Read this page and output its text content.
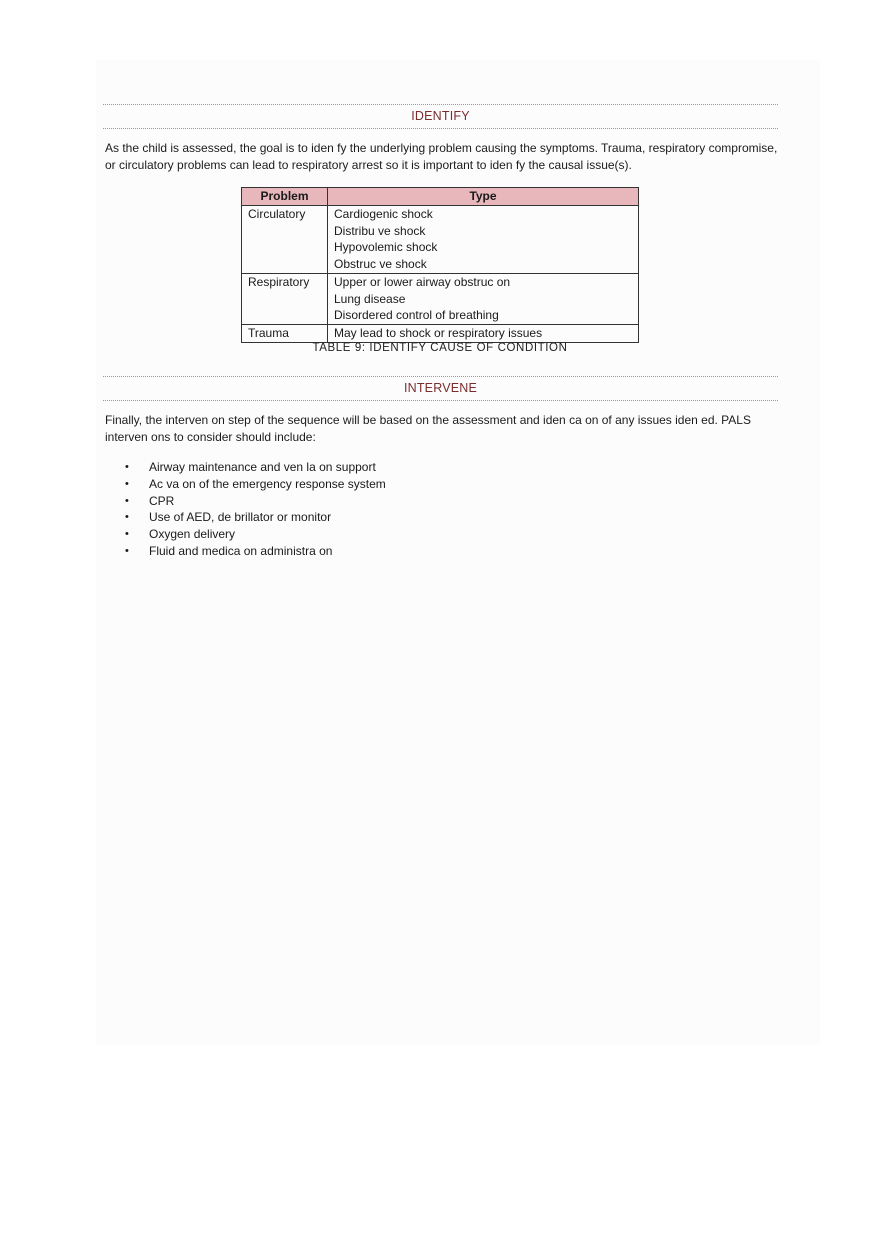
IDENTIFY
As the child is assessed, the goal is to iden fy the underlying problem causing the symptoms. Trauma, respiratory compromise, or circulatory problems can lead to respiratory arrest so it is important to iden fy the causal issue(s).
Problem	Type
Circulatory	Cardiogenic shock
Distribu ve shock
Hypovolemic shock
Obstruc ve shock

Respiratory	Upper or lower airway obstruc on
Lung disease
Disordered control of breathing

Trauma	May lead to shock or respiratory issues
TABLE 9: IDENTIFY CAUSE OF CONDITION
INTERVENE
Finally, the interven on step of the sequence will be based on the assessment and iden ca on of any issues iden ed. PALS interven ons to consider should include:
• Airway maintenance and ven la on support
• Ac va on of the emergency response system
• CPR
• Use of AED, de brillator or monitor
• Oxygen delivery
• Fluid and medica on administra on
